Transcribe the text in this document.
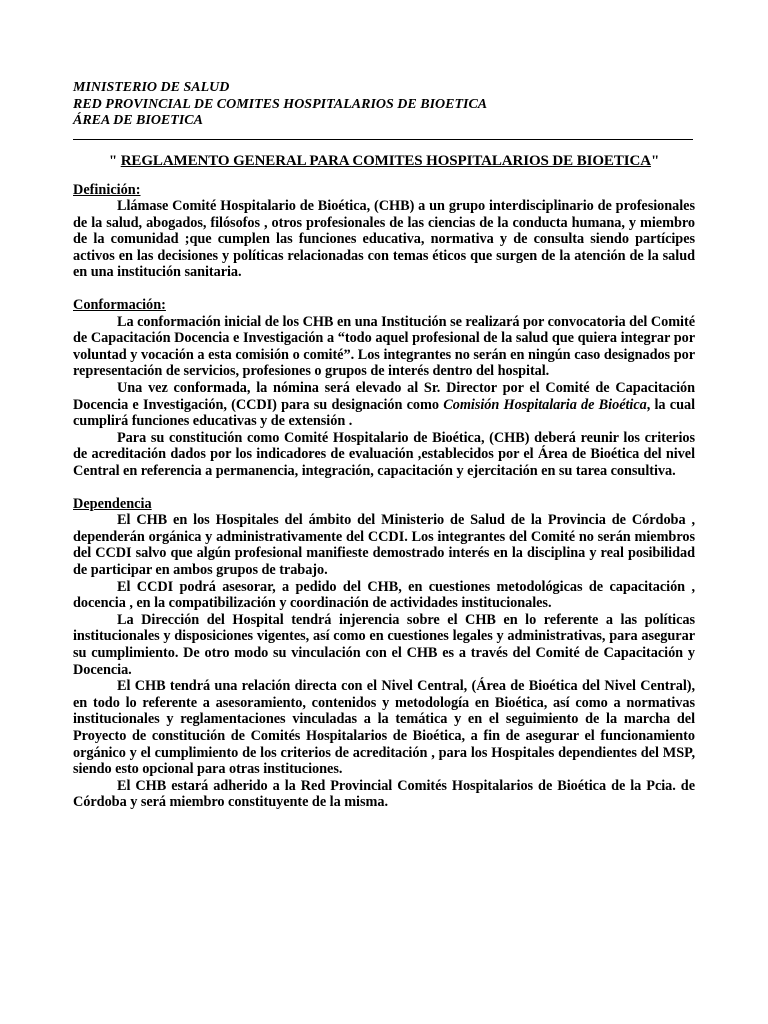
MINISTERIO DE SALUD

RED PROVINCIAL DE COMITES HOSPITALARIOS DE BIOETICA

ÁREA DE BIOETICA

" REGLAMENTO GENERAL PARA COMITES HOSPITALARIOS DE BIOETICA"

Definición:

Llámase Comité Hospitalario de Bioética, (CHB) a un grupo interdisciplinario de profesionales de la salud, abogados, filósofos , otros profesionales de las ciencias de la conducta humana, y miembro de la comunidad ;que cumplen las funciones educativa, normativa y de consulta siendo partícipes activos en las decisiones y políticas relacionadas con temas éticos que surgen de la atención de la salud en una institución sanitaria.

Conformación:

La conformación inicial de los CHB en una Institución se realizará por convocatoria del Comité de Capacitación Docencia e Investigación a “todo aquel profesional de la salud que quiera integrar por voluntad y vocación a esta comisión o comité”. Los integrantes no serán en ningún caso designados por representación de servicios, profesiones o grupos de interés dentro del hospital.

Una vez conformada, la nómina será elevado al Sr. Director por el Comité de Capacitación Docencia e Investigación, (CCDI) para su designación como Comisión Hospitalaria de Bioética, la cual cumplirá funciones educativas y de extensión .

Para su constitución como Comité Hospitalario de Bioética, (CHB) deberá reunir los criterios de acreditación dados por los indicadores de evaluación ,establecidos por el Área de Bioética del nivel Central en referencia a permanencia, integración, capacitación y ejercitación en su tarea consultiva.

Dependencia

El CHB en los Hospitales del ámbito del Ministerio de Salud de la Provincia de Córdoba , dependerán orgánica y administrativamente del CCDI. Los integrantes del Comité no serán miembros del CCDI salvo que algún profesional manifieste demostrado interés en la disciplina y real posibilidad de participar en ambos grupos de trabajo.

El CCDI podrá asesorar, a pedido del CHB, en cuestiones metodológicas de capacitación , docencia , en la compatibilización y coordinación de actividades institucionales.

La Dirección del Hospital tendrá injerencia sobre el CHB en lo referente a las políticas institucionales y disposiciones vigentes, así como en cuestiones legales y administrativas, para asegurar su cumplimiento. De otro modo su vinculación con el CHB es a través del Comité de Capacitación y Docencia.

El CHB tendrá una relación directa con el Nivel Central, (Área de Bioética del Nivel Central), en todo lo referente a asesoramiento, contenidos y metodología en Bioética, así como a normativas institucionales y reglamentaciones vinculadas a la temática y en el seguimiento de la marcha del Proyecto de constitución de Comités Hospitalarios de Bioética, a fin de asegurar el funcionamiento orgánico y el cumplimiento de los criterios de acreditación , para los Hospitales dependientes del MSP, siendo esto opcional para otras instituciones.

El CHB estará adherido a la Red Provincial Comités Hospitalarios de Bioética de la Pcia. de Córdoba y será miembro constituyente de la misma.
